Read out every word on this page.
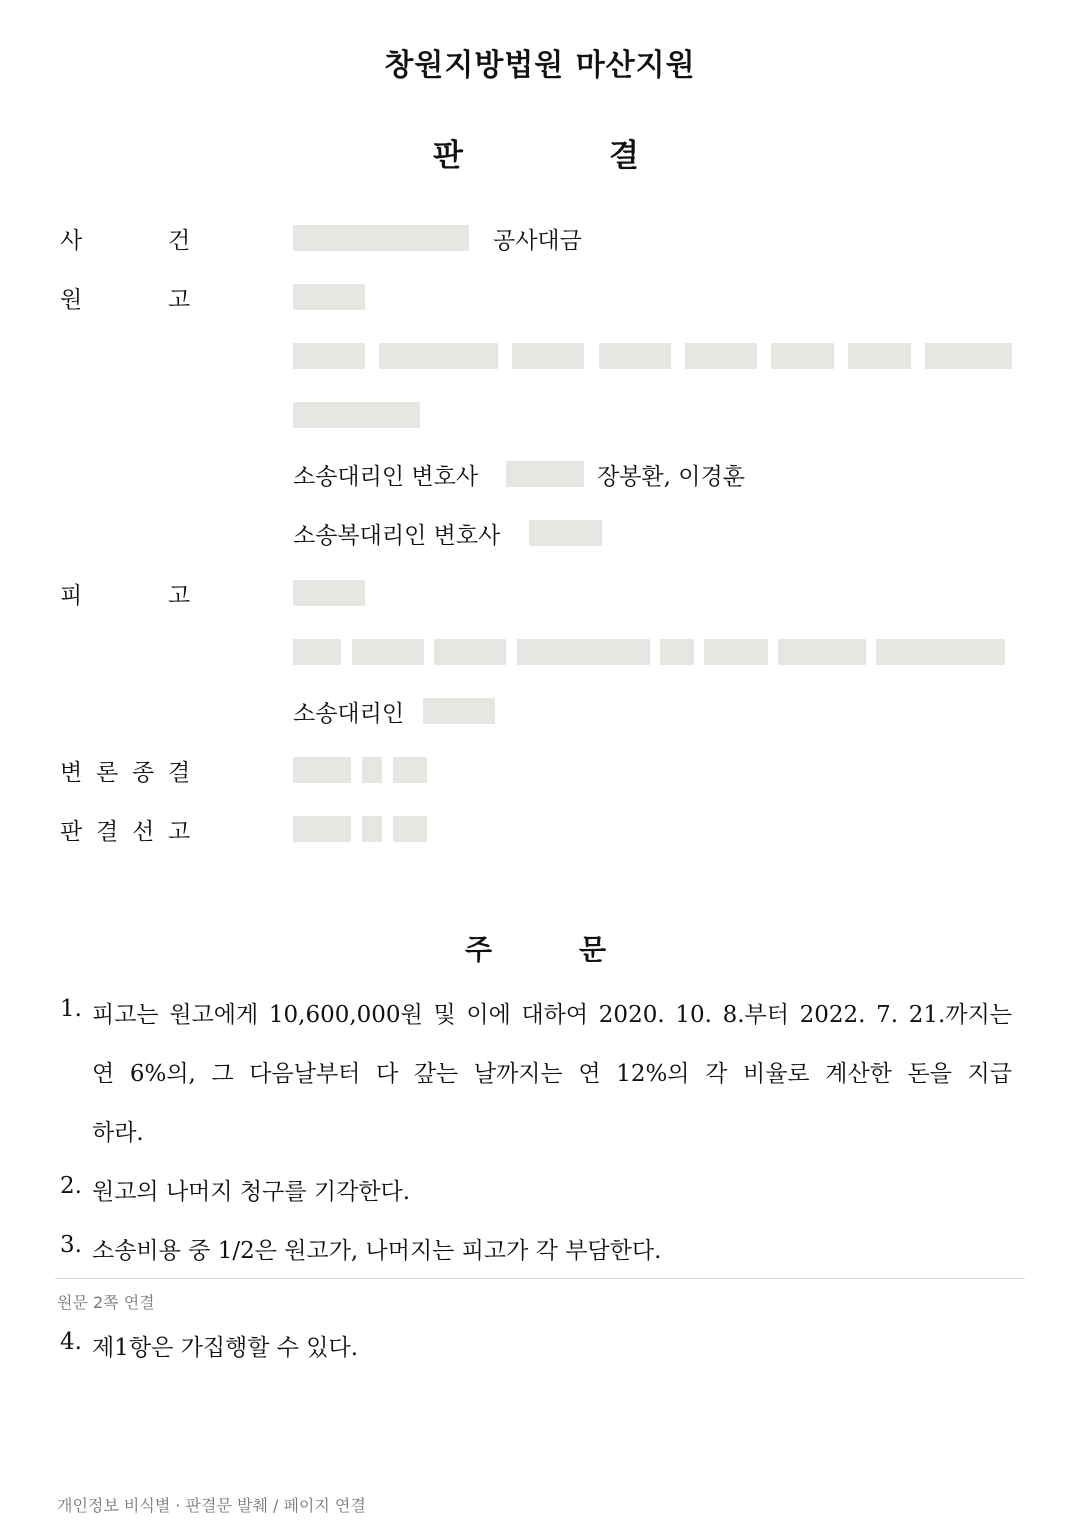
창원지방법원 마산지원
판	결
사	건	공사대금
원	고
소송대리인 변호사	장봉환, 이경훈
소송복대리인 변호사
피	고
소송대리인
변 론 종 결
판 결 선 고
주	문
1. 피고는 원고에게 10,600,000원 및 이에 대하여 2020. 10. 8.부터 2022. 7. 21.까지는
연 6%의, 그 다음날부터 다 갚는 날까지는 연 12%의 각 비율로 계산한 돈을 지급
하라.
2. 원고의 나머지 청구를 기각한다.
3. 소송비용 중 1/2은 원고가, 나머지는 피고가 각 부담한다.
원문 2쪽 연결
4. 제1항은 가집행할 수 있다.
개인정보 비식별 · 판결문 발췌 / 페이지 연결
